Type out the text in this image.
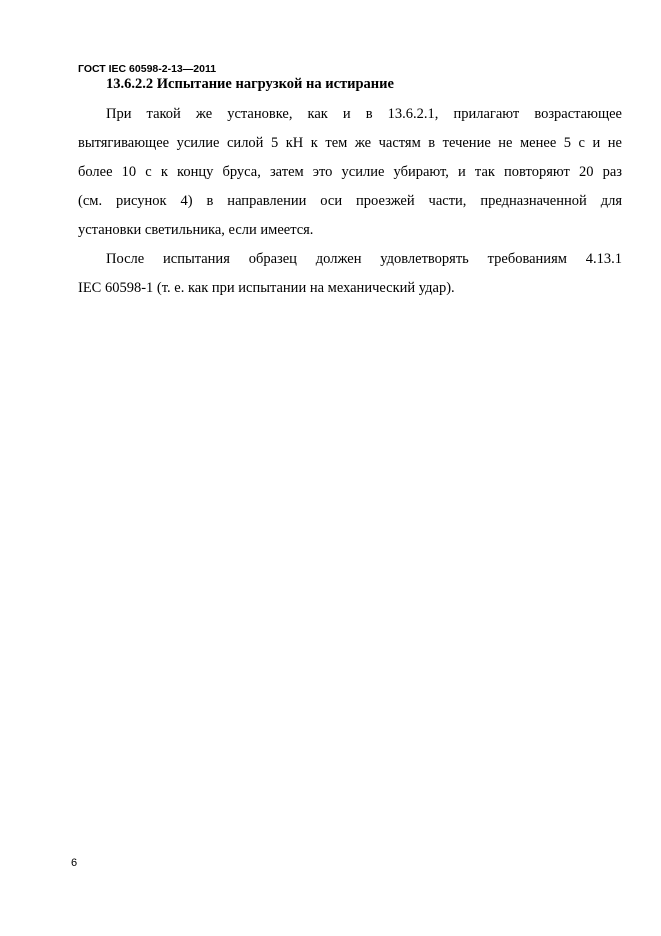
ГОСТ IEC 60598-2-13—2011
13.6.2.2 Испытание нагрузкой на истирание
При такой же установке, как и в 13.6.2.1, прилагают возрастающее
вытягивающее усилие силой 5 кН к тем же частям в течение не менее 5 с и не
более 10 с к концу бруса, затем это усилие убирают, и так повторяют 20 раз
(см. рисунок 4) в направлении оси проезжей части, предназначенной для
установки светильника, если имеется.
После испытания образец должен удовлетворять требованиям 4.13.1
IEC 60598-1 (т. е. как при испытании на механический удар).
6
